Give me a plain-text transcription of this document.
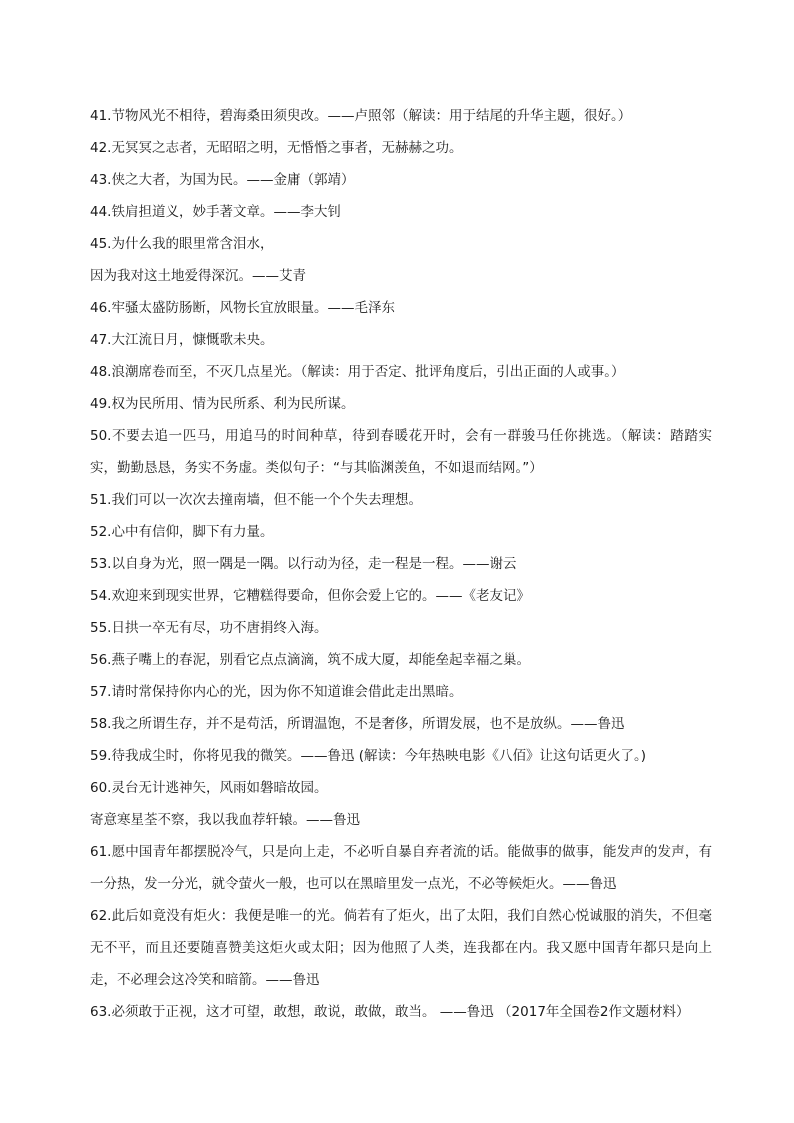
41.节物风光不相待，碧海桑田须臾改。——卢照邻（解读：用于结尾的升华主题，很好。）

42.无冥冥之志者，无昭昭之明，无惛惛之事者，无赫赫之功。

43.侠之大者，为国为民。——金庸（郭靖）

44.铁肩担道义，妙手著文章。——李大钊

45.为什么我的眼里常含泪水，

因为我对这土地爱得深沉。——艾青

46.牢骚太盛防肠断，风物长宜放眼量。——毛泽东

47.大江流日月，慷慨歌未央。

48.浪潮席卷而至，不灭几点星光。（解读：用于否定、批评角度后，引出正面的人或事。）

49.权为民所用、情为民所系、利为民所谋。

50.不要去追一匹马，用追马的时间种草，待到春暖花开时，会有一群骏马任你挑选。（解读：踏踏实实，勤勤恳恳，务实不务虚。类似句子：“与其临渊羡鱼，不如退而结网。”）

51.我们可以一次次去撞南墙，但不能一个个失去理想。

52.心中有信仰，脚下有力量。

53.以自身为光，照一隅是一隅。以行动为径，走一程是一程。——谢云

54.欢迎来到现实世界，它糟糕得要命，但你会爱上它的。——《老友记》

55.日拱一卒无有尽，功不唐捐终入海。

56.燕子嘴上的春泥，别看它点点滴滴，筑不成大厦，却能垒起幸福之巢。

57.请时常保持你内心的光，因为你不知道谁会借此走出黑暗。

58.我之所谓生存，并不是苟活，所谓温饱，不是奢侈，所谓发展，也不是放纵。——鲁迅

59.待我成尘时，你将见我的微笑。——鲁迅 (解读：今年热映电影《八佰》让这句话更火了。)

60.灵台无计逃神矢，风雨如磐暗故园。

寄意寒星荃不察，我以我血荐轩辕。——鲁迅

61.愿中国青年都摆脱冷气，只是向上走，不必听自暴自弃者流的话。能做事的做事，能发声的发声，有一分热，发一分光，就令萤火一般，也可以在黑暗里发一点光，不必等候炬火。——鲁迅

62.此后如竟没有炬火：我便是唯一的光。倘若有了炬火，出了太阳，我们自然心悦诚服的消失，不但毫无不平，而且还要随喜赞美这炬火或太阳；因为他照了人类，连我都在内。我又愿中国青年都只是向上走，不必理会这冷笑和暗箭。——鲁迅

63.必须敢于正视，这才可望，敢想，敢说，敢做，敢当。 ——鲁迅 （2017年全国卷2作文题材料）
